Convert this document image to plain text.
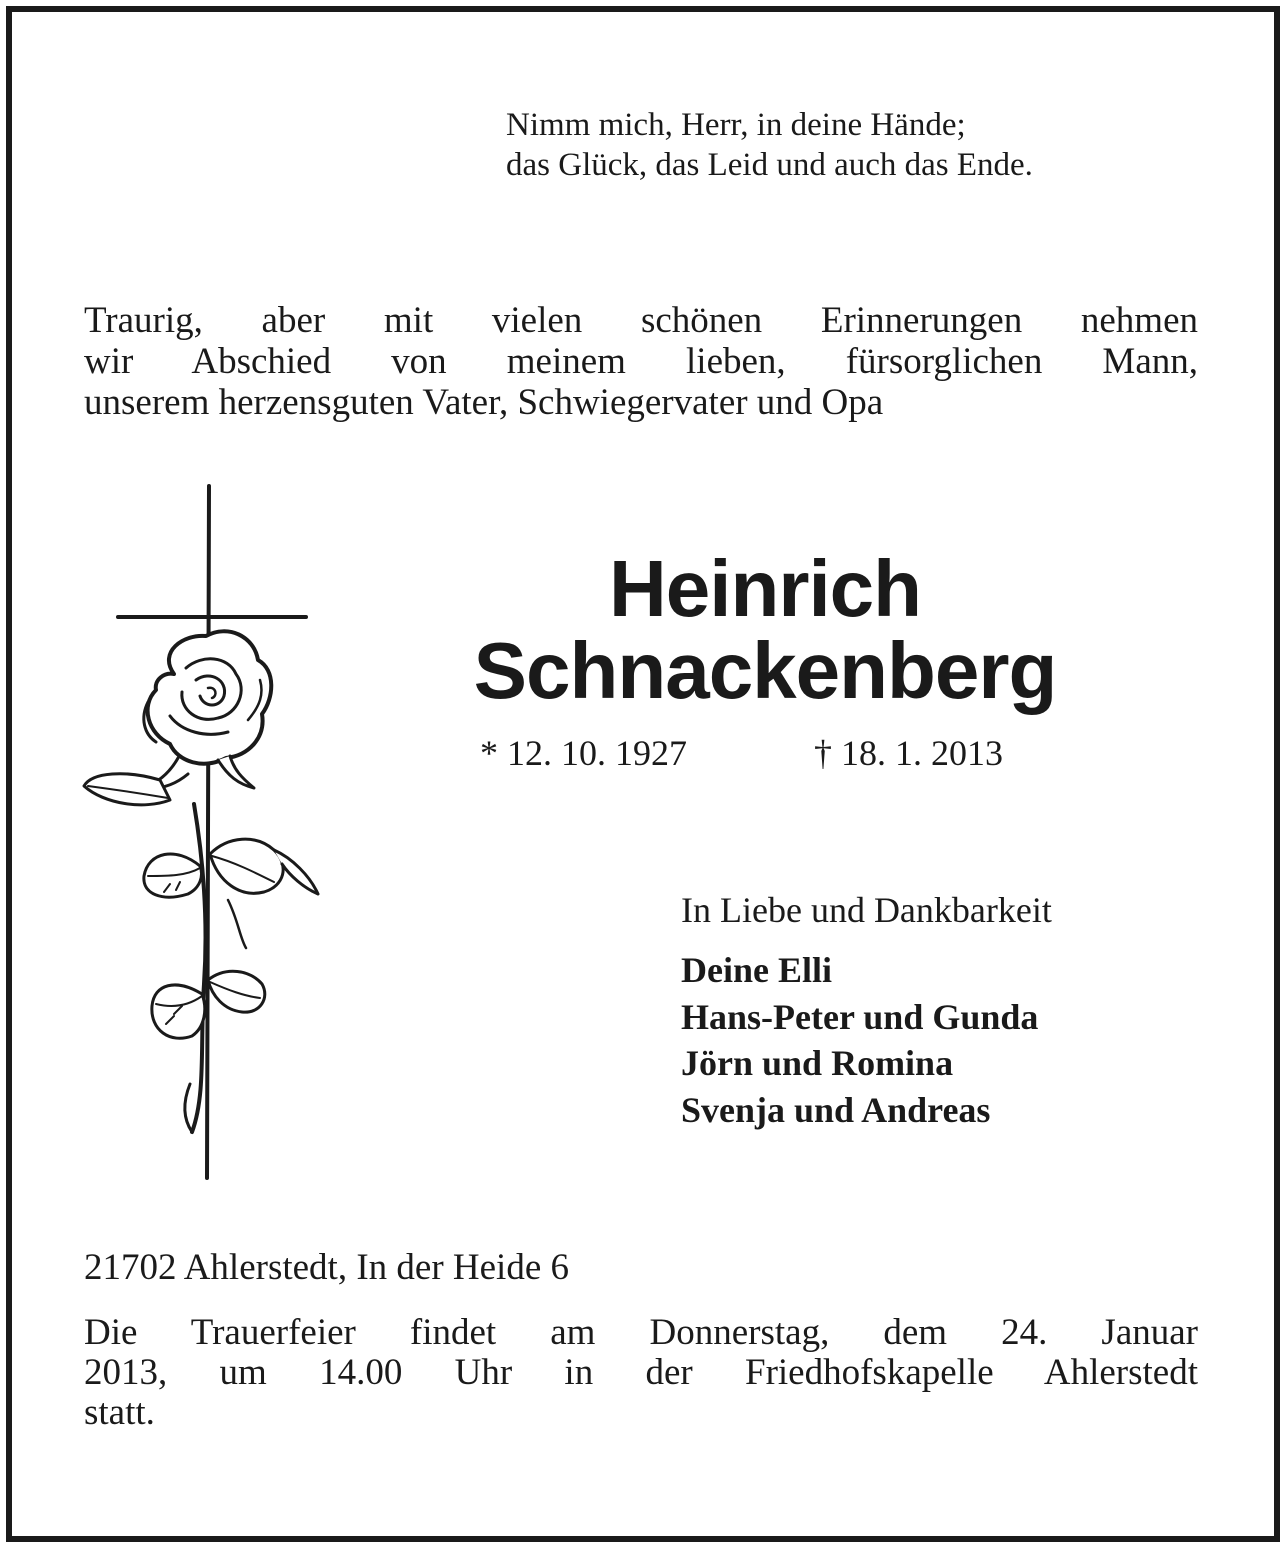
Nimm mich, Herr, in deine Hände;
das Glück, das Leid und auch das Ende.
Traurig, aber mit vielen schönen Erinnerungen nehmen
wir Abschied von meinem lieben, fürsorglichen Mann,
unserem herzensguten Vater, Schwiegervater und Opa
Heinrich
Schnackenberg
* 12. 10. 1927	† 18. 1. 2013
In Liebe und Dankbarkeit
Deine Elli
Hans-Peter und Gunda
Jörn und Romina
Svenja und Andreas
21702 Ahlerstedt, In der Heide 6
Die Trauerfeier findet am Donnerstag, dem 24. Januar
2013, um 14.00 Uhr in der Friedhofskapelle Ahlerstedt
statt.
